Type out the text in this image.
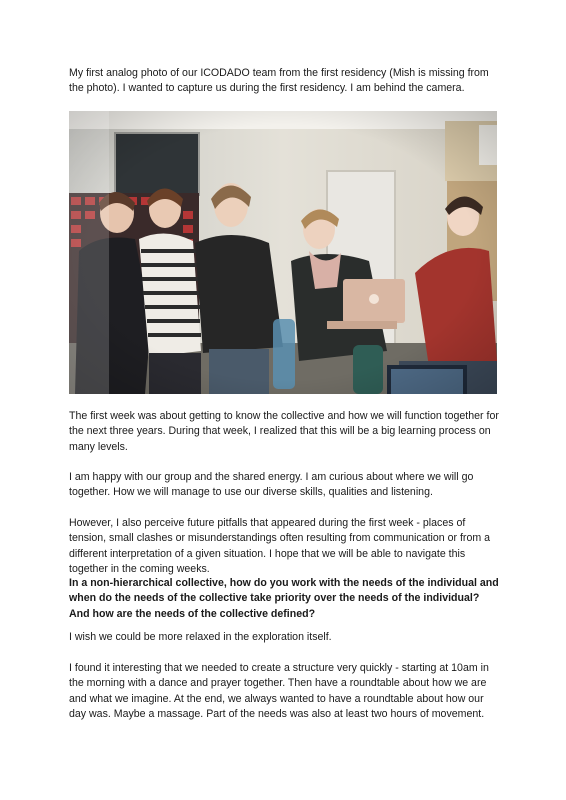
My first analog photo of our ICODADO team from the first residency (Mish is missing from the photo). I wanted to capture us during the first residency. I am behind the camera.

The first week was about getting to know the collective and how we will function together for the next three years. During that week, I realized that this will be a big learning process on many levels.

I am happy with our group and the shared energy. I am curious about where we will go together. How we will manage to use our diverse skills, qualities and listening.

However, I also perceive future pitfalls that appeared during the first week - places of tension, small clashes or misunderstandings often resulting from communication or from a different interpretation of a given situation. I hope that we will be able to navigate this together in the coming weeks.

In a non-hierarchical collective, how do you work with the needs of the individual and when do the needs of the collective take priority over the needs of the individual? And how are the needs of the collective defined?

I wish we could be more relaxed in the exploration itself.

I found it interesting that we needed to create a structure very quickly - starting at 10am in the morning with a dance and prayer together. Then have a roundtable about how we are and what we imagine. At the end, we always wanted to have a roundtable about how our day was. Maybe a massage. Part of the needs was also at least two hours of movement.
